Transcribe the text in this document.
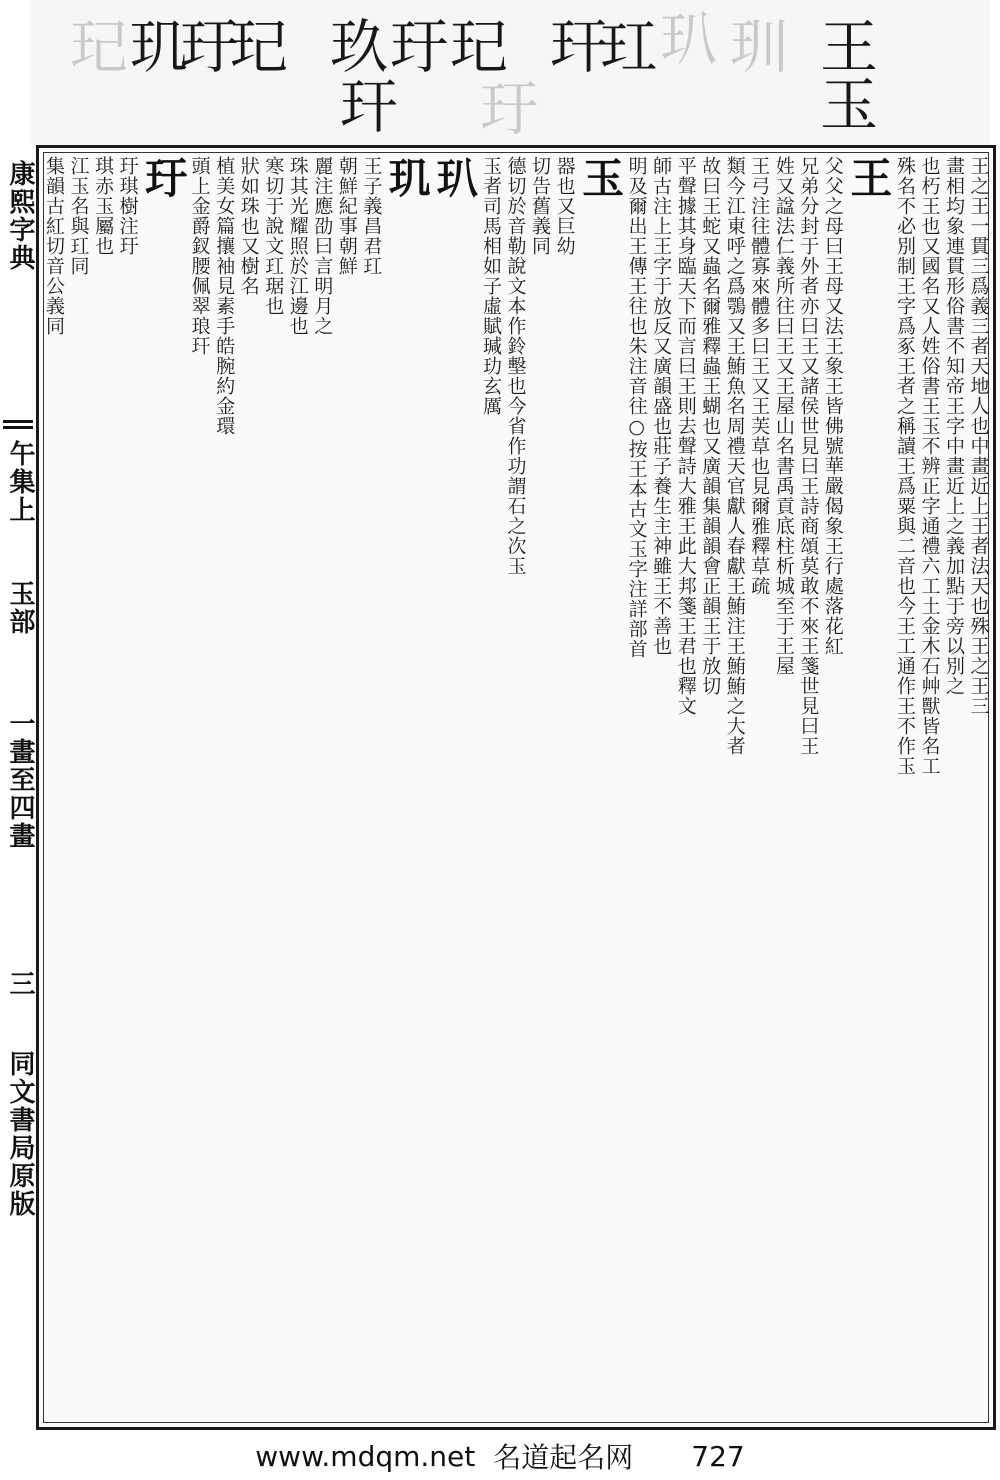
王
玉
玔
玐
玕
玒
玗
玘
玗
玖
玕
玘
玗
玑
玘
康熙字典
午集上
玉部
一畫至四畫
三
同文書局原版
王之王一貫三爲義三者天地人也中畫近上王者法天也殊王之王三
畫相均象連貫形俗書不知帝王字中畫近上之義加點于旁以別之
也朽王也又國名又人姓俗書王玉不辨正字通禮六工土金木石艸獸皆名工
殊名不必別制王字爲豖王者之稱讀王爲粟與二音也今王工通作王不作玉
王
父父之母曰王母又法王象王皆佛號華嚴偈象王行處落花紅
兄弟分封于外者亦曰王又諸侯世見曰王詩商頌莫敢不來王箋世見曰王
姓又諡法仁義所往曰王又王屋山名書禹貢底柱析城至于王屋
王弓注往體寡來體多曰王又王芙草也見爾雅釋草疏
類今江東呼之爲鶚又王鮪魚名周禮天官獻人春獻王鮪注王鮪鮪之大者
故曰王蛇又蟲名爾雅釋蟲王蝴也又廣韻集韻韻會正韻王于放切
平聲據其身臨天下而言曰王則去聲詩大雅王此大邦箋王君也釋文
師古注上王字于放反又廣韻盛也莊子養生主神雖王不善也
明及爾出王傳王往也朱注音往○按王本古文玉字注詳部首
玉
器也又巨幼
切告舊義同
德切於音勒說文本作鈴墼也今省作功謂石之次玉
玉者司馬相如子虛賦瑊玏玄厲
玐
玑
王子義昌君玒
朝鮮紀事朝鮮
麗注應劭曰言明月之
珠其光耀照於江邊也
寒切于說文玒琚也
狀如珠也又樹名
植美女篇攘袖見素手皓腕約金環
頭上金爵釵腰佩翠琅玕
玗
玗琪樹注玗
琪赤玉屬也
江玉名與玒同
集韻古紅切音公義同
www.mdqm.net 名道起名网 727
